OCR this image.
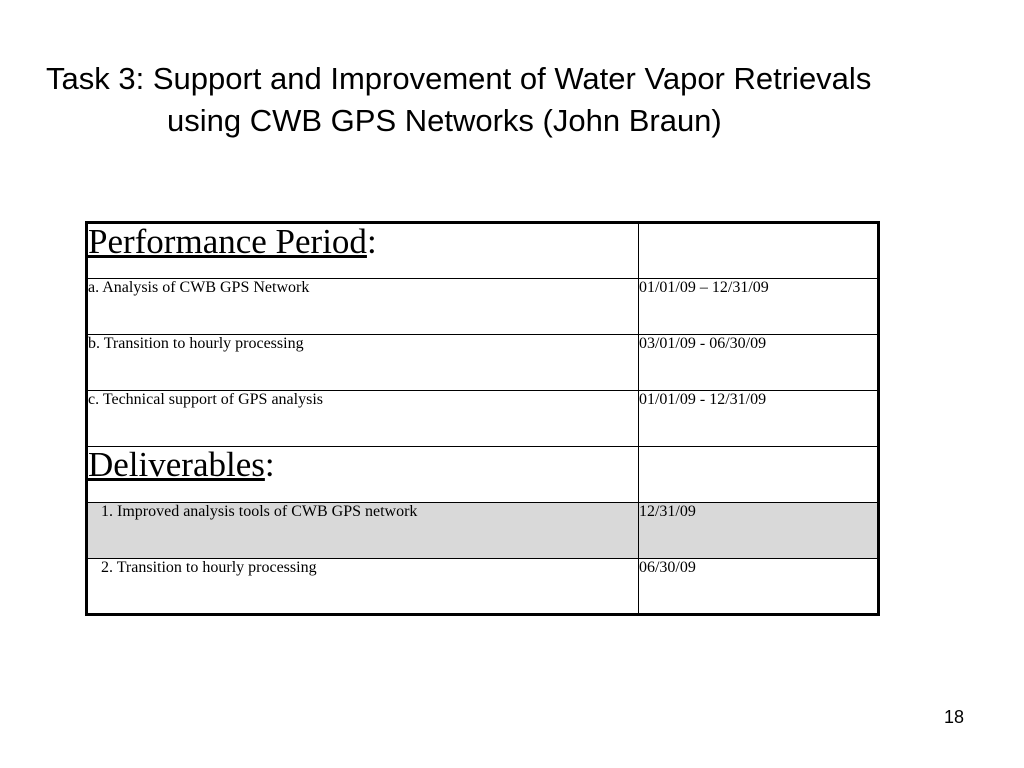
Task 3: Support and Improvement of Water Vapor Retrievals
using CWB GPS Networks (John Braun)
Performance Period:	
a. Analysis of CWB GPS Network	01/01/09 – 12/31/09
b. Transition to hourly processing	03/01/09 - 06/30/09
c. Technical support of GPS analysis	01/01/09 - 12/31/09
Deliverables:	
1. Improved analysis tools of CWB GPS network	12/31/09
2. Transition to hourly processing	06/30/09
18
